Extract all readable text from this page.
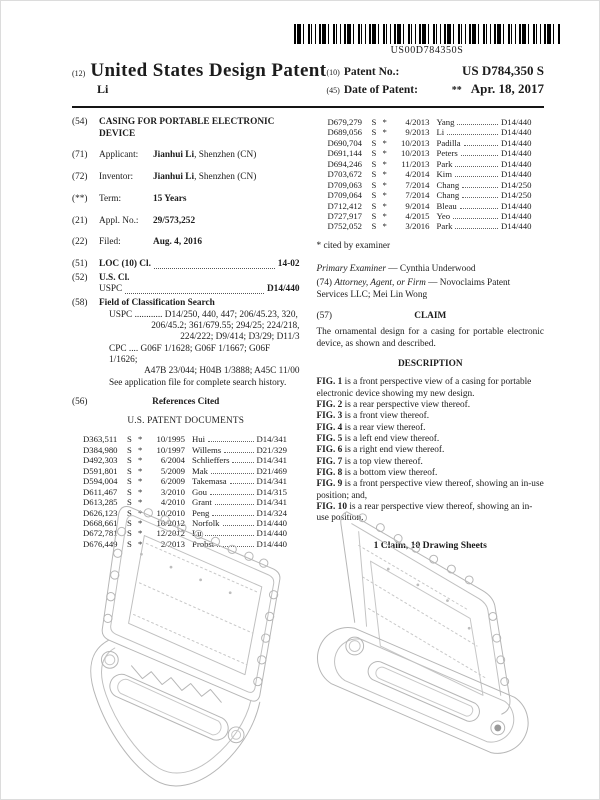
US00D784350S
(12) United States Design Patent
Li
(10) Patent No.:	US D784,350 S
(45) Date of Patent:	** Apr. 18, 2017
(54)	CASING FOR PORTABLE ELECTRONIC DEVICE
(71)	Applicant:	Jianhui Li, Shenzhen (CN)
(72)	Inventor:	Jianhui Li, Shenzhen (CN)
(**)	Term:	15 Years
(21)	Appl. No.:	29/573,252
(22)	Filed:	Aug. 4, 2016
(51)	LOC (10) Cl.	14-02
(52)	U.S. Cl.
USPC	D14/440
(58)	Field of Classification Search
USPC ............ D14/250, 440, 447; 206/45.23, 320,
206/45.2; 361/679.55; 294/25; 224/218,
224/222; D9/414; D3/29; D11/3
CPC .... G06F 1/1628; G06F 1/1667; G06F 1/1626;
A47B 23/044; H04B 1/3888; A45C 11/00
See application file for complete search history.
(56)	References Cited
U.S. PATENT DOCUMENTS
D363,511	S *	10/1995 Hui	D14/341
D384,980	S *	10/1997 Willems	D21/329
D492,303	S *	6/2004 Schlieffers	D14/341
D591,801	S *	5/2009 Mak	D21/469
D594,004	S *	6/2009 Takemasa	D14/341
D611,467	S *	3/2010 Gou	D14/315
D613,285	S *	4/2010 Grant	D14/341
D626,123	S *	10/2010 Peng	D14/324
D668,661	S *	10/2012 Norfolk	D14/440
D672,781	S *	12/2012 Lu	D14/440
D676,449	S *	2/2013 Probst	D14/440
D679,279	S *	4/2013 Yang	D14/440
D689,056	S *	9/2013 Li	D14/440
D690,704	S *	10/2013 Padilla	D14/440
D691,144	S *	10/2013 Peters	D14/440
D694,246	S *	11/2013 Park	D14/440
D703,672	S *	4/2014 Kim	D14/440
D709,063	S *	7/2014 Chang	D14/250
D709,064	S *	7/2014 Chang	D14/250
D712,412	S *	9/2014 Bleau	D14/440
D727,917	S *	4/2015 Yeo	D14/440
D752,052	S *	3/2016 Park	D14/440
* cited by examiner
Primary Examiner — Cynthia Underwood
(74) Attorney, Agent, or Firm — Novoclaims Patent Services LLC; Mei Lin Wong
(57)	CLAIM
The ornamental design for a casing for portable electronic device, as shown and described.
DESCRIPTION
FIG. 1 is a front perspective view of a casing for portable electronic device showing my new design.
FIG. 2 is a rear perspective view thereof.
FIG. 3 is a front view thereof.
FIG. 4 is a rear view thereof.
FIG. 5 is a left end view thereof.
FIG. 6 is a right end view thereof.
FIG. 7 is a top view thereof.
FIG. 8 is a bottom view thereof.
FIG. 9 is a front perspective view thereof, showing an in-use position; and,
FIG. 10 is a rear perspective view thereof, showing an in-use position.
1 Claim, 10 Drawing Sheets
